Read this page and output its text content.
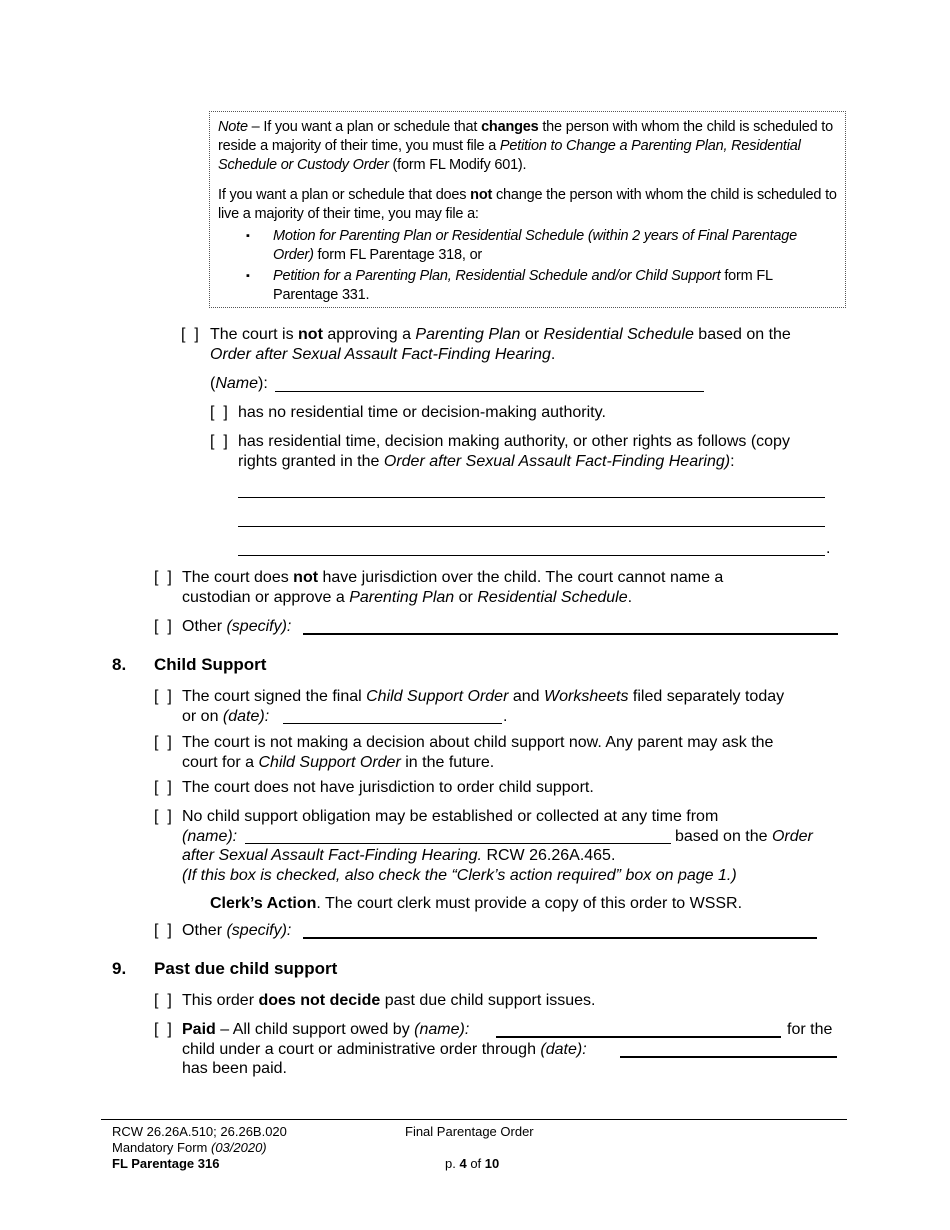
Note – If you want a plan or schedule that changes the person with whom the child is scheduled to
reside a majority of their time, you must file a Petition to Change a Parenting Plan, Residential
Schedule or Custody Order (form FL Modify 601).
If you want a plan or schedule that does not change the person with whom the child is scheduled to
live a majority of their time, you may file a:
▪ Motion for Parenting Plan or Residential Schedule (within 2 years of Final Parentage
Order) form FL Parentage 318, or
▪ Petition for a Parenting Plan, Residential Schedule and/or Child Support form FL
Parentage 331.
[  ] The court is not approving a Parenting Plan or Residential Schedule based on the
Order after Sexual Assault Fact-Finding Hearing.
(Name):
[  ] has no residential time or decision-making authority.
[  ] has residential time, decision making authority, or other rights as follows (copy
rights granted in the Order after Sexual Assault Fact-Finding Hearing):
.
[  ] The court does not have jurisdiction over the child. The court cannot name a
custodian or approve a Parenting Plan or Residential Schedule.
[  ] Other (specify):
8. Child Support
[  ] The court signed the final Child Support Order and Worksheets filed separately today
or on (date):	.
[  ] The court is not making a decision about child support now. Any parent may ask the
court for a Child Support Order in the future.
[  ] The court does not have jurisdiction to order child support.
[  ] No child support obligation may be established or collected at any time from
(name):	based on the Order
after Sexual Assault Fact-Finding Hearing. RCW 26.26A.465.
(If this box is checked, also check the “Clerk’s action required” box on page 1.)
Clerk’s Action. The court clerk must provide a copy of this order to WSSR.
[  ] Other (specify):
9. Past due child support
[  ] This order does not decide past due child support issues.
[  ] Paid – All child support owed by (name):	for the
child under a court or administrative order through (date):
has been paid.
RCW 26.26A.510; 26.26B.020
Mandatory Form (03/2020)
FL Parentage 316
Final Parentage Order
p. 4 of 10
